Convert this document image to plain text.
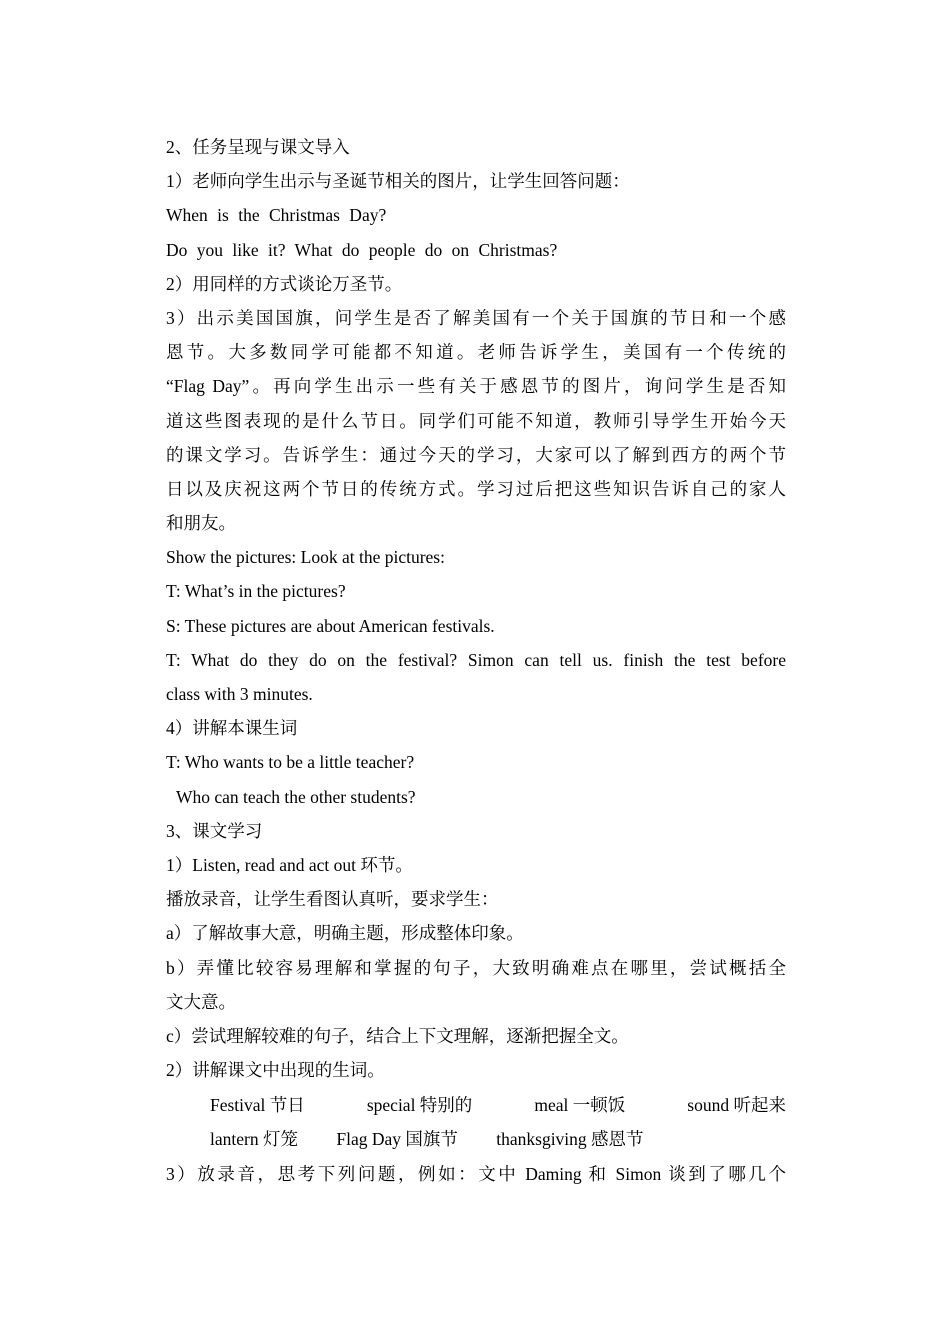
2、任务呈现与课文导入
1）老师向学生出示与圣诞节相关的图片，让学生回答问题：
When is the Christmas Day?
Do you like it? What do people do on Christmas?
2）用同样的方式谈论万圣节。
3）出示美国国旗，问学生是否了解美国有一个关于国旗的节日和一个感
恩节。大多数同学可能都不知道。老师告诉学生，美国有一个传统的
“Flag Day”。再向学生出示一些有关于感恩节的图片，询问学生是否知
道这些图表现的是什么节日。同学们可能不知道，教师引导学生开始今天
的课文学习。告诉学生：通过今天的学习，大家可以了解到西方的两个节
日以及庆祝这两个节日的传统方式。学习过后把这些知识告诉自己的家人
和朋友。
Show the pictures: Look at the pictures:
T: What’s in the pictures?
S: These pictures are about American festivals.
T: What do they do on the festival? Simon can tell us. finish the test before
class with 3 minutes.
4）讲解本课生词
T: Who wants to be a little teacher?
Who can teach the other students?
3、课文学习
1）Listen, read and act out 环节。
播放录音，让学生看图认真听，要求学生：
a）了解故事大意，明确主题，形成整体印象。
b）弄懂比较容易理解和掌握的句子，大致明确难点在哪里，尝试概括全
文大意。
c）尝试理解较难的句子，结合上下文理解，逐渐把握全文。
2）讲解课文中出现的生词。
Festival 节日	special 特别的	meal 一顿饭	sound 听起来
lantern 灯笼 Flag Day 国旗节 thanksgiving 感恩节
3）放录音，思考下列问题，例如：文中 Daming 和 Simon 谈到了哪几个
